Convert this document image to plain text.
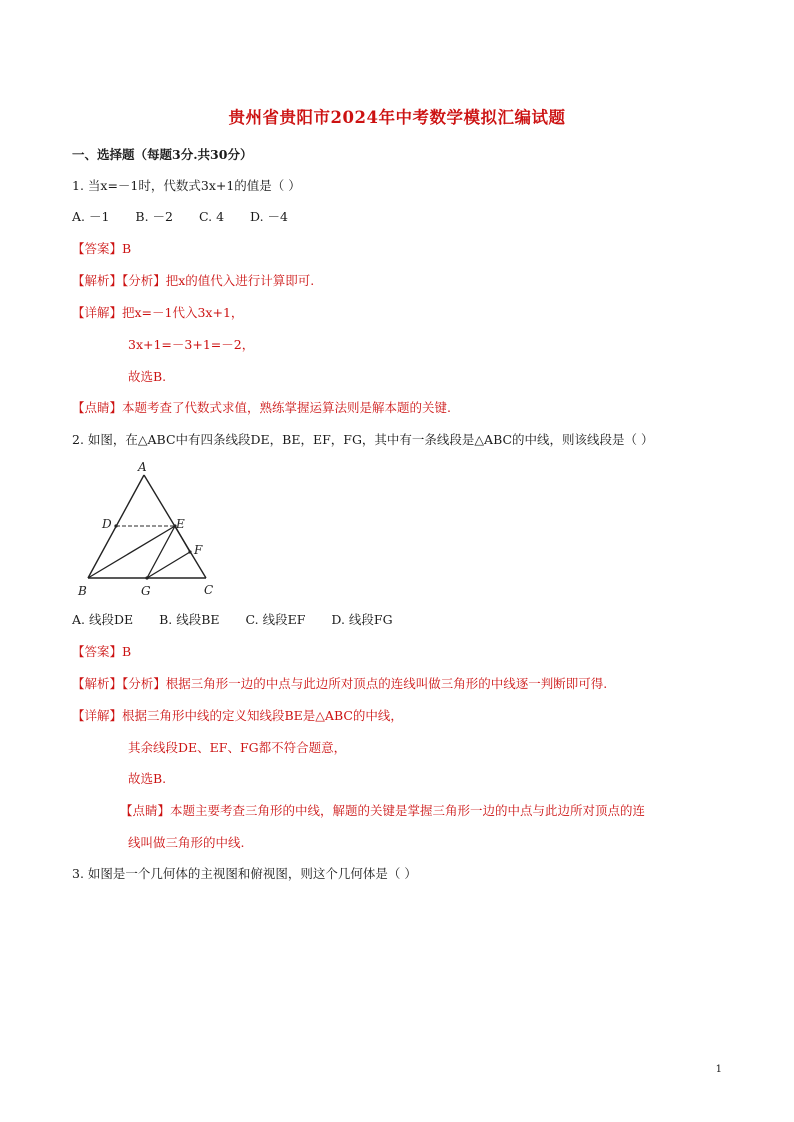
贵州省贵阳市2024年中考数学模拟汇编试题
一、选择题（每题3分.共30分）
1. 当x=－1时，代数式3x+1的值是（ ）
A. －1 B. －2 C. 4 D. －4
【答案】B
【解析】【分析】把x的值代入进行计算即可.
【详解】把x=－1代入3x+1，
3x+1=－3+1=－2，
故选B.
【点睛】本题考查了代数式求值，熟练掌握运算法则是解本题的关键.
2. 如图，在△ABC中有四条线段DE，BE，EF，FG，其中有一条线段是△ABC的中线，则该线段是（ ）
A
D	E
F
B	G	C
A. 线段DE B. 线段BE C. 线段EF D. 线段FG
【答案】B
【解析】【分析】根据三角形一边的中点与此边所对顶点的连线叫做三角形的中线逐一判断即可得.
【详解】根据三角形中线的定义知线段BE是△ABC的中线，
其余线段DE、EF、FG都不符合题意，
故选B.
【点睛】本题主要考查三角形的中线，解题的关键是掌握三角形一边的中点与此边所对顶点的连
线叫做三角形的中线.
3. 如图是一个几何体的主视图和俯视图，则这个几何体是（ ）
1
